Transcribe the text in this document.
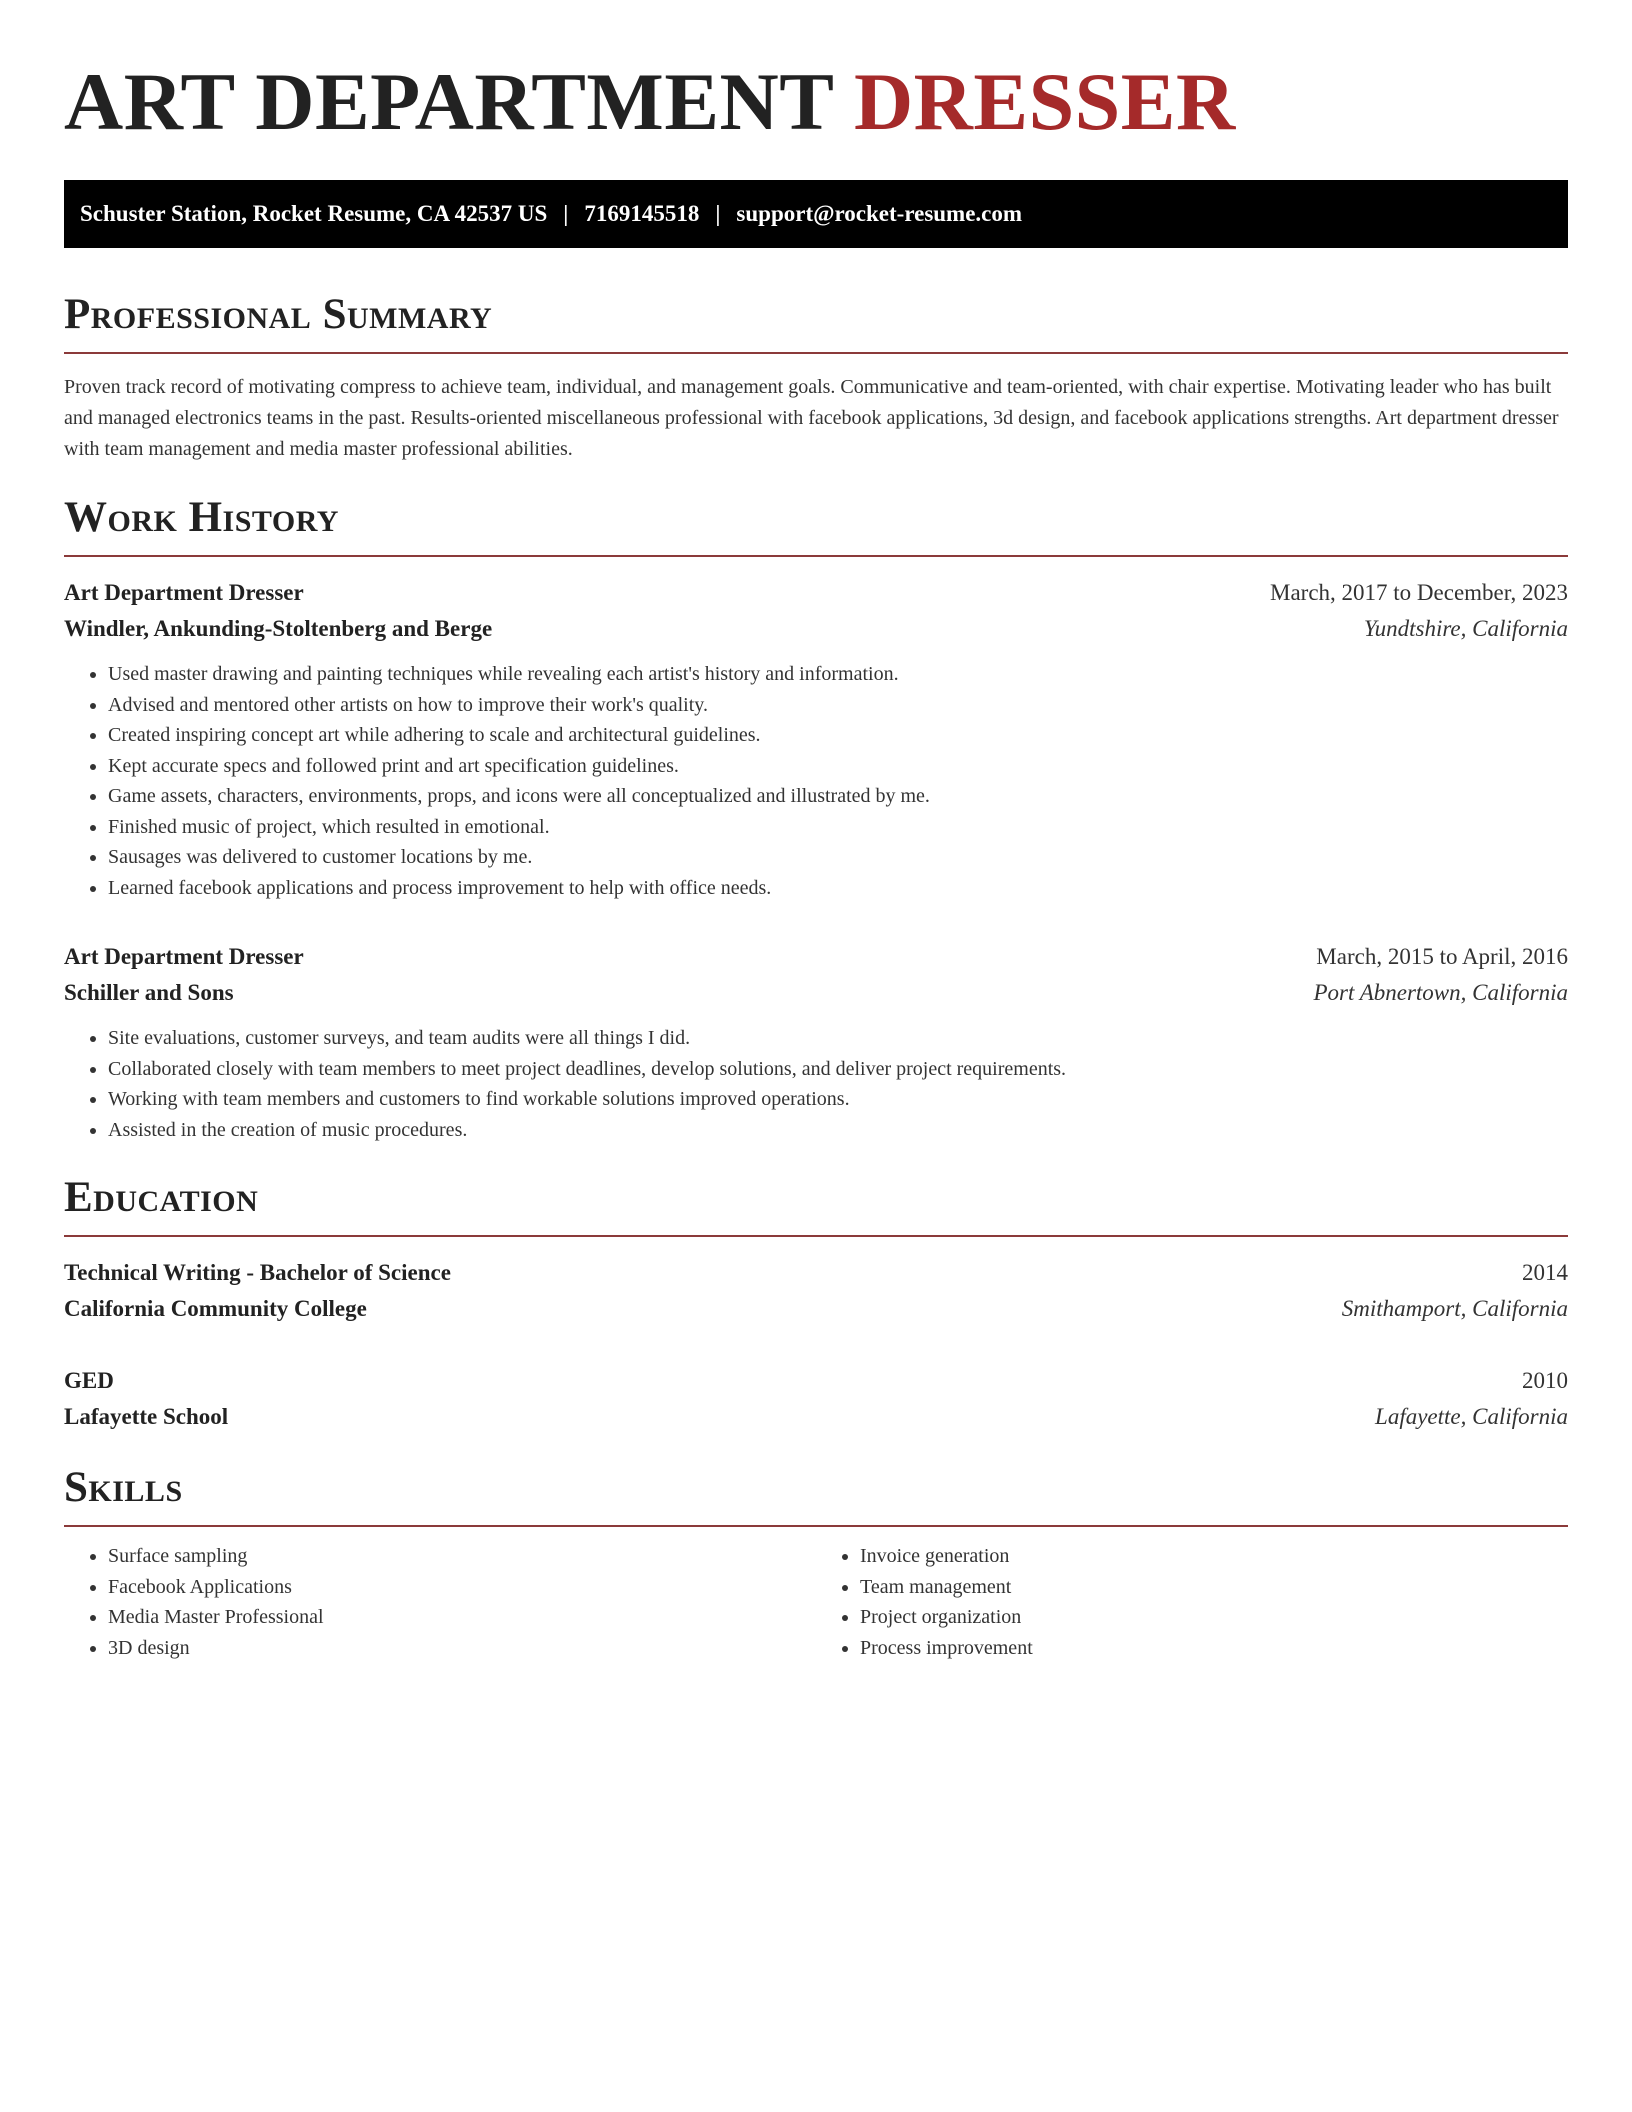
ART DEPARTMENT DRESSER
Schuster Station, Rocket Resume, CA 42537 US | 7169145518 | support@rocket-resume.com
Professional Summary

Proven track record of motivating compress to achieve team, individual, and management goals. Communicative and team-oriented, with chair expertise. Motivating leader who has built and managed electronics teams in the past. Results-oriented miscellaneous professional with facebook applications, 3d design, and facebook applications strengths. Art department dresser with team management and media master professional abilities.

Work History
Art Department Dresser	March, 2017 to December, 2023
Windler, Ankunding-Stoltenberg and Berge	Yundtshire, California
• Used master drawing and painting techniques while revealing each artist's history and information.
• Advised and mentored other artists on how to improve their work's quality.
• Created inspiring concept art while adhering to scale and architectural guidelines.
• Kept accurate specs and followed print and art specification guidelines.
• Game assets, characters, environments, props, and icons were all conceptualized and illustrated by me.
• Finished music of project, which resulted in emotional.
• Sausages was delivered to customer locations by me.
• Learned facebook applications and process improvement to help with office needs.
Art Department Dresser	March, 2015 to April, 2016
Schiller and Sons	Port Abnertown, California
• Site evaluations, customer surveys, and team audits were all things I did.
• Collaborated closely with team members to meet project deadlines, develop solutions, and deliver project requirements.
• Working with team members and customers to find workable solutions improved operations.
• Assisted in the creation of music procedures.
Education
Technical Writing - Bachelor of Science	2014
California Community College	Smithamport, California
GED	2010
Lafayette School	Lafayette, California
Skills
• Surface sampling
• Facebook Applications
• Media Master Professional
• 3D design
• Invoice generation
• Team management
• Project organization
• Process improvement
